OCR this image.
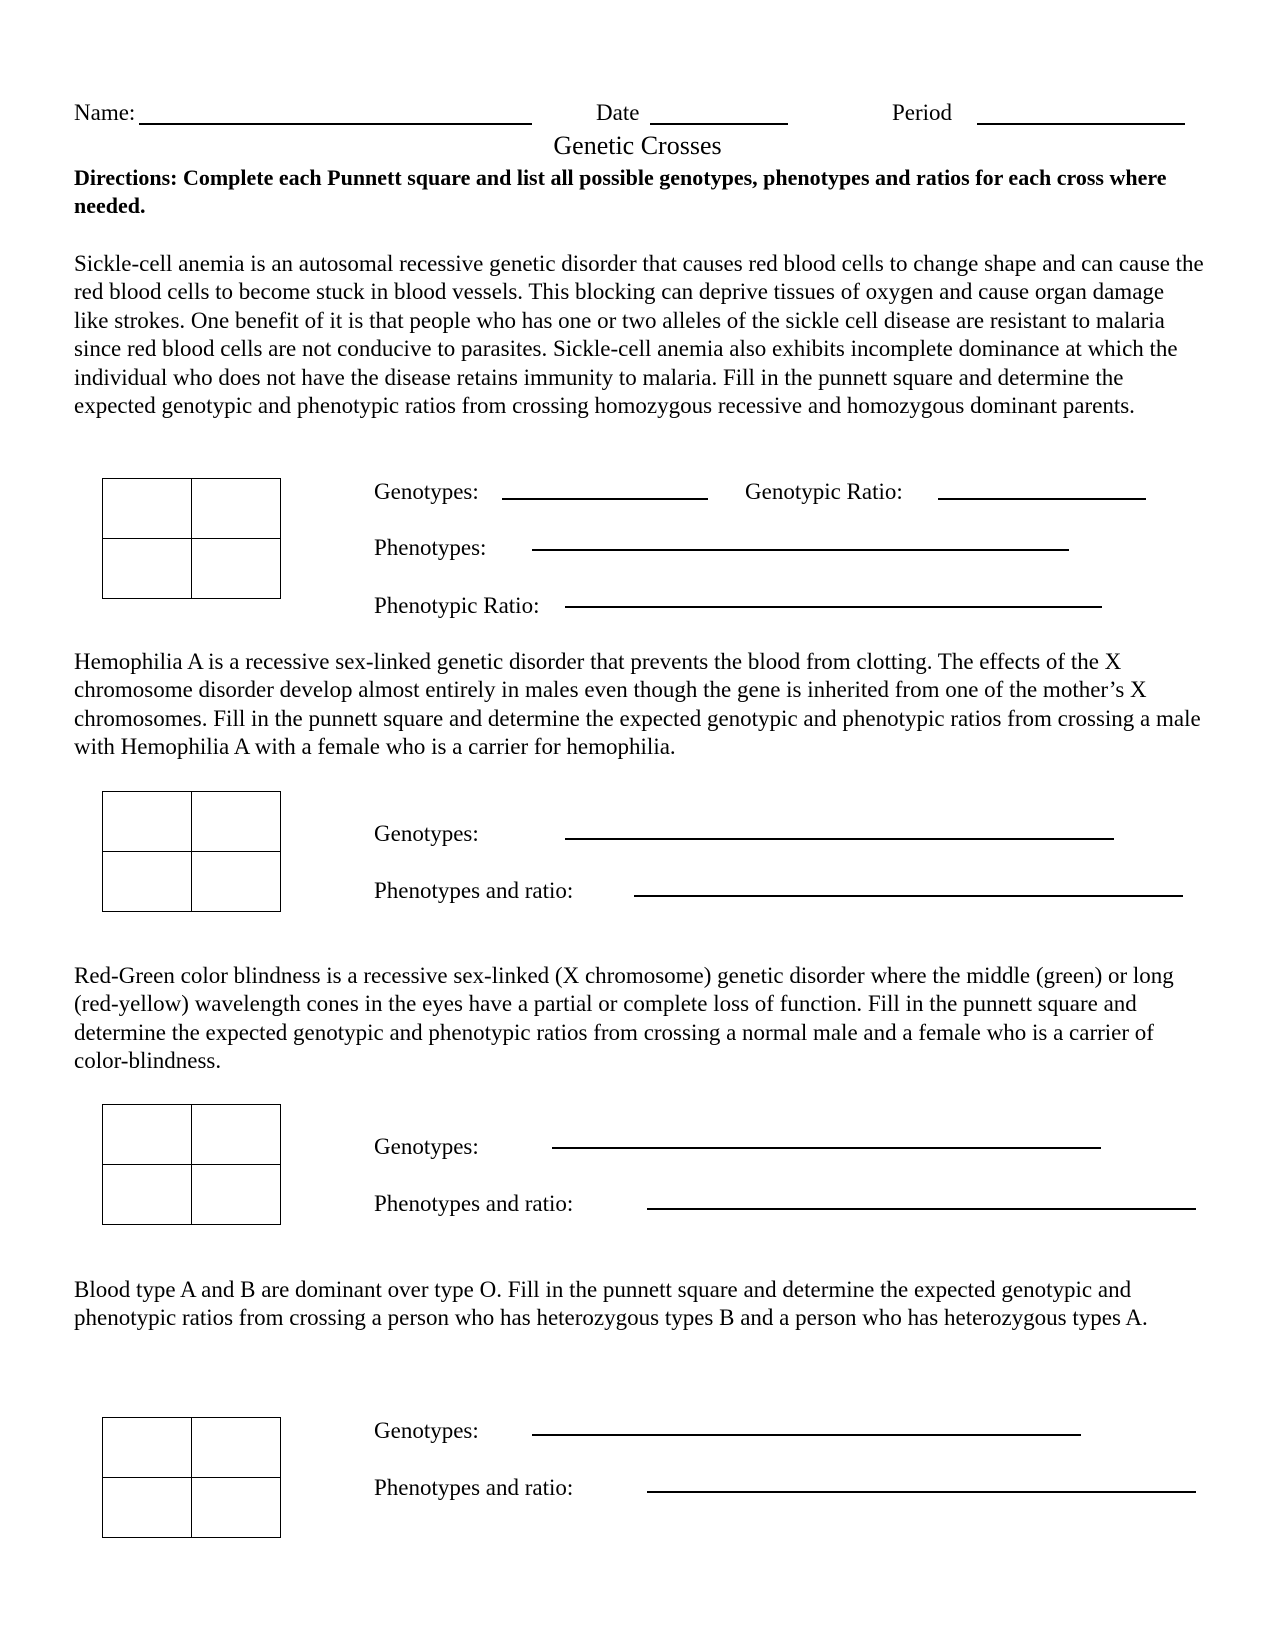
Name:	Date	Period
Genetic Crosses
Directions: Complete each Punnett square and list all possible genotypes, phenotypes and ratios for each cross where needed.
Sickle-cell anemia is an autosomal recessive genetic disorder that causes red blood cells to change shape and can cause the red blood cells to become stuck in blood vessels. This blocking can deprive tissues of oxygen and cause organ damage like strokes. One benefit of it is that people who has one or two alleles of the sickle cell disease are resistant to malaria since red blood cells are not conducive to parasites. Sickle-cell anemia also exhibits incomplete dominance at which the individual who does not have the disease retains immunity to malaria. Fill in the punnett square and determine the expected genotypic and phenotypic ratios from crossing homozygous recessive and homozygous dominant parents.

Genotypes:	Genotypic Ratio:
Phenotypes:
Phenotypic Ratio:
Hemophilia A is a recessive sex-linked genetic disorder that prevents the blood from clotting. The effects of the X chromosome disorder develop almost entirely in males even though the gene is inherited from one of the mother’s X chromosomes. Fill in the punnett square and determine the expected genotypic and phenotypic ratios from crossing a male with Hemophilia A with a female who is a carrier for hemophilia.

Genotypes:
Phenotypes and ratio:
Red-Green color blindness is a recessive sex-linked (X chromosome) genetic disorder where the middle (green) or long (red-yellow) wavelength cones in the eyes have a partial or complete loss of function. Fill in the punnett square and determine the expected genotypic and phenotypic ratios from crossing a normal male and a female who is a carrier of color-blindness.

Genotypes:
Phenotypes and ratio:
Blood type A and B are dominant over type O. Fill in the punnett square and determine the expected genotypic and phenotypic ratios from crossing a person who has heterozygous types B and a person who has heterozygous types A.

Genotypes:
Phenotypes and ratio:
